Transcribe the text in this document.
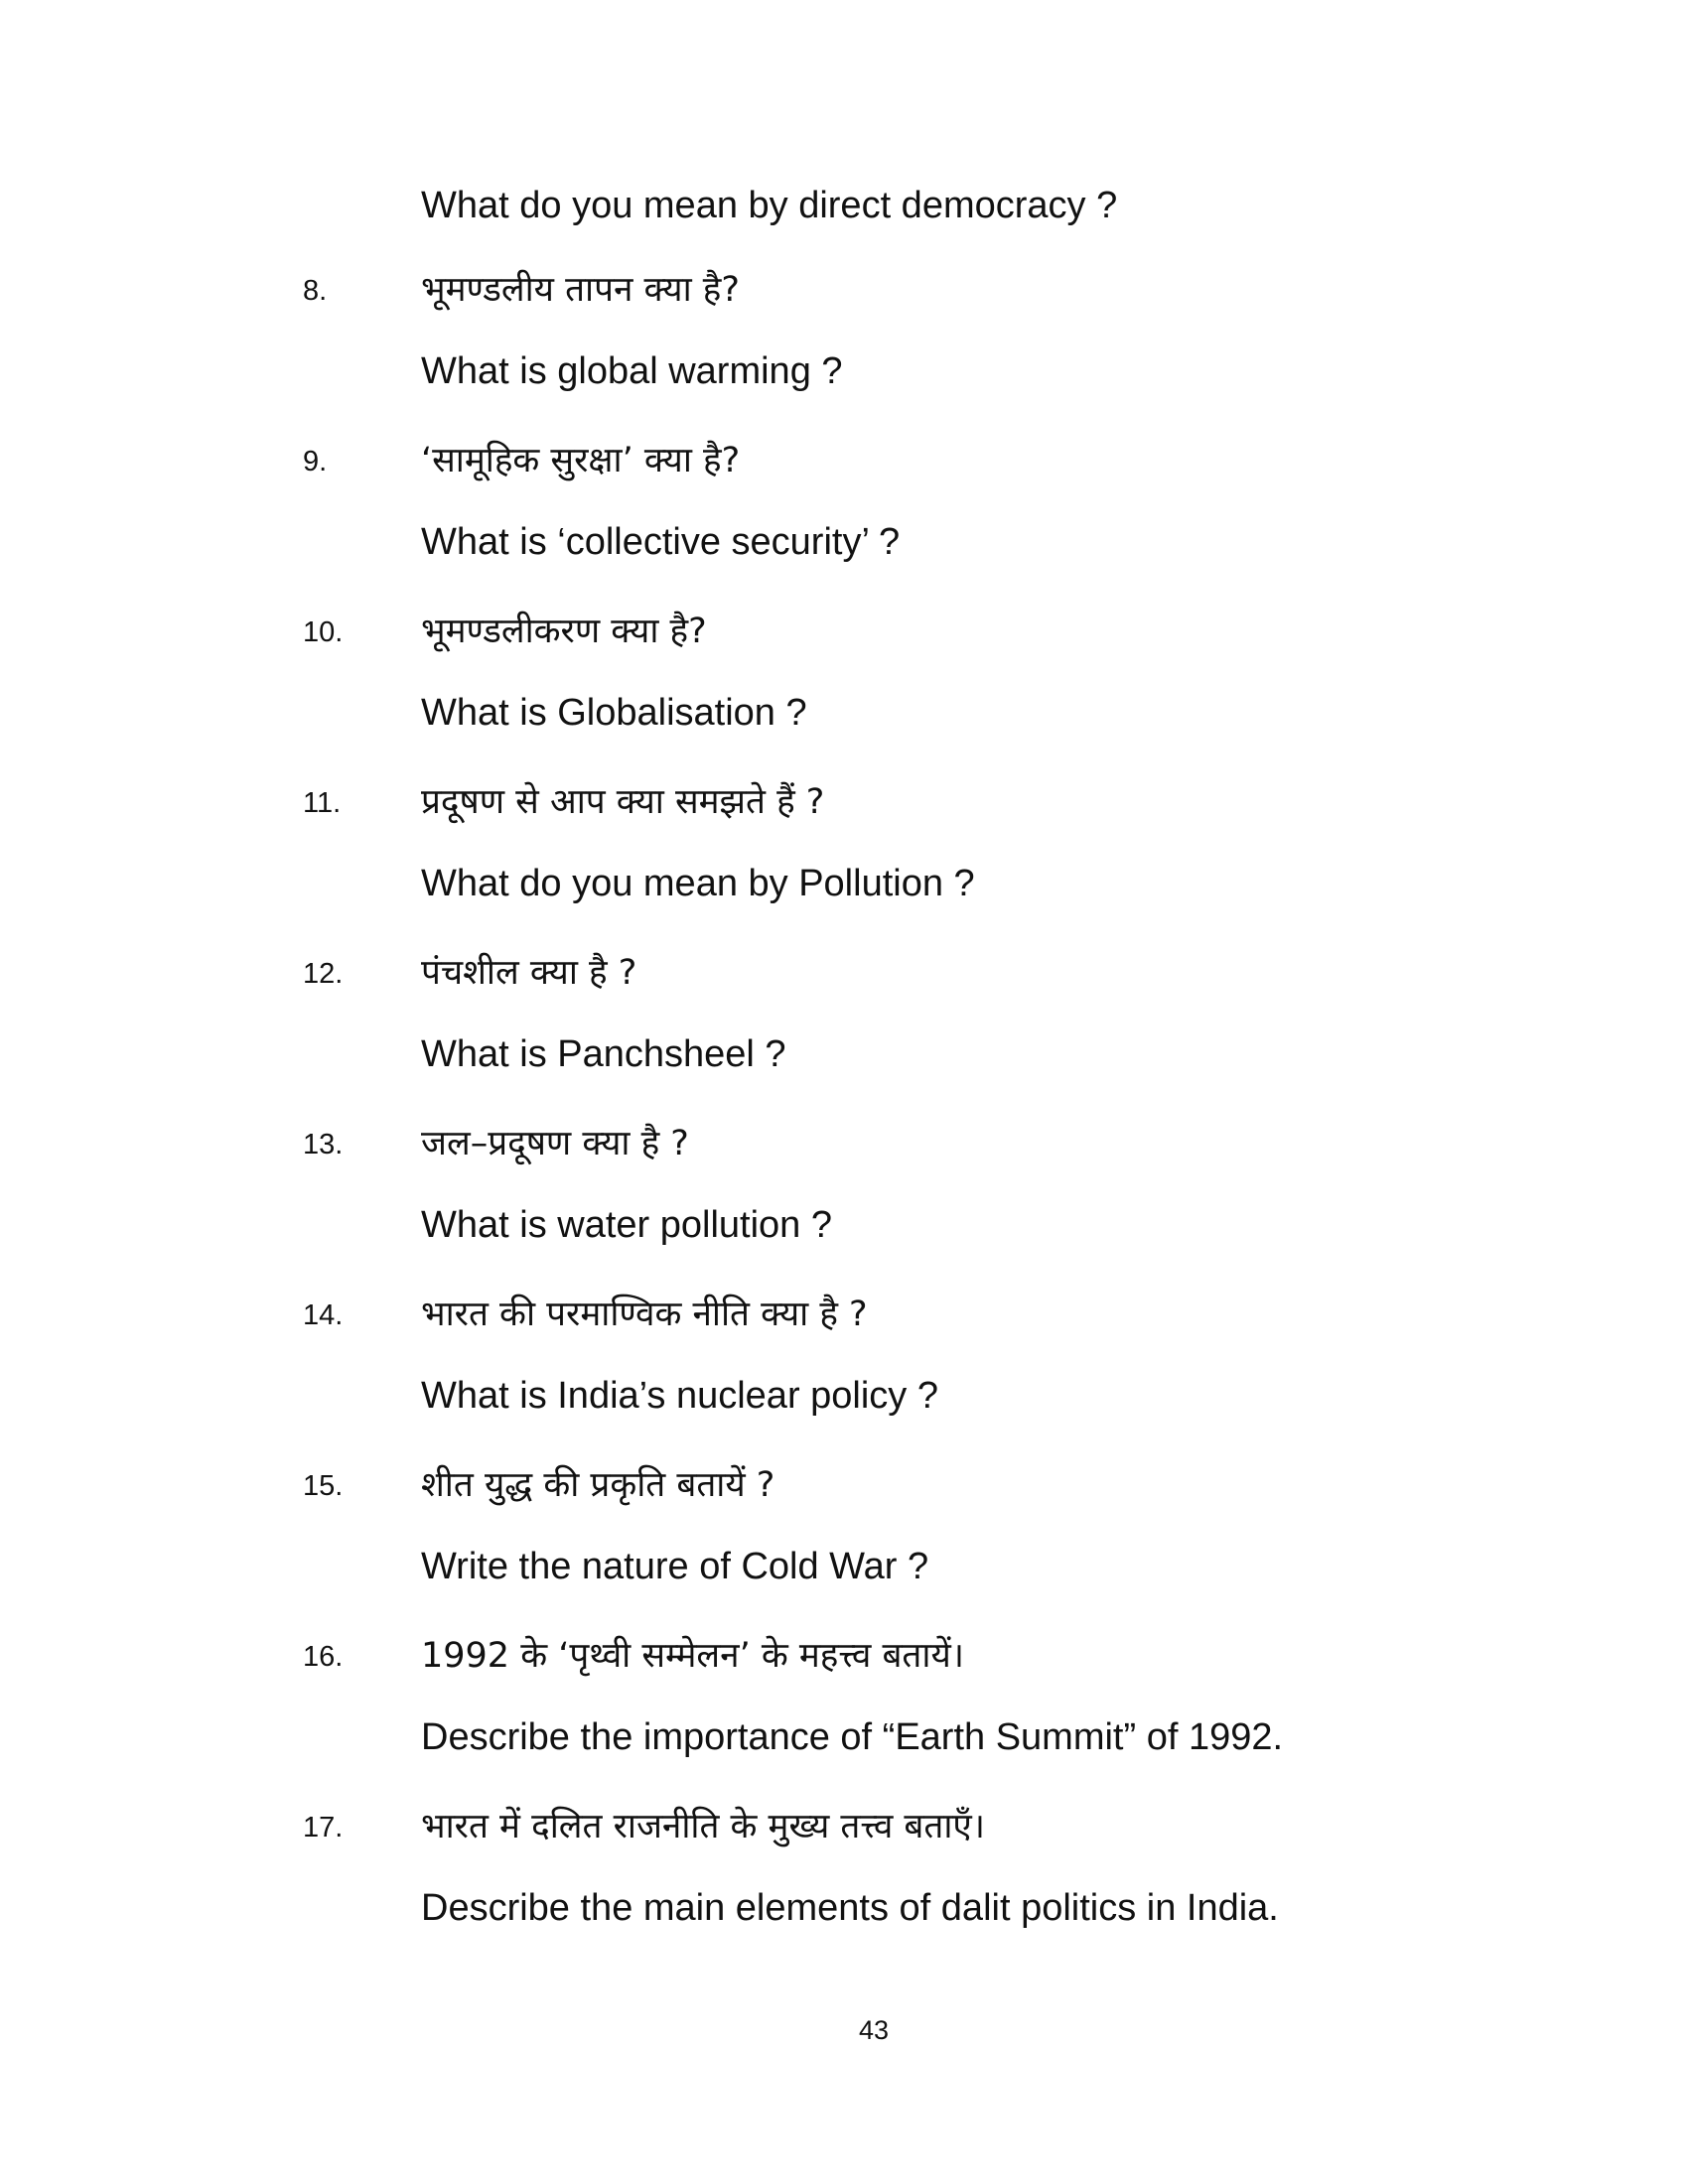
What do you mean by direct democracy ?
8.	भूमण्डलीय तापन क्या है?
What is global warming ?
9.	‘सामूहिक सुरक्षा’ क्या है?
What is ‘collective security’ ?
10. भूमण्डलीकरण क्या है?
What is Globalisation ?
11. प्रदूषण से आप क्या समझते हैं ?
What do you mean by Pollution ?
12. पंचशील क्या है ?
What is Panchsheel ?
13. जल–प्रदूषण क्या है ?
What is water pollution ?
14. भारत की परमाण्विक नीति क्या है ?
What is India’s nuclear policy ?
15. शीत युद्ध की प्रकृति बतायें ?
Write the nature of Cold War ?
16. 1992 के ‘पृथ्वी सम्मेलन’ के महत्त्व बतायें।
Describe the importance of “Earth Summit” of 1992.
17. भारत में दलित राजनीति के मुख्य तत्त्व बताएँ।
Describe the main elements of dalit politics in India.
43
